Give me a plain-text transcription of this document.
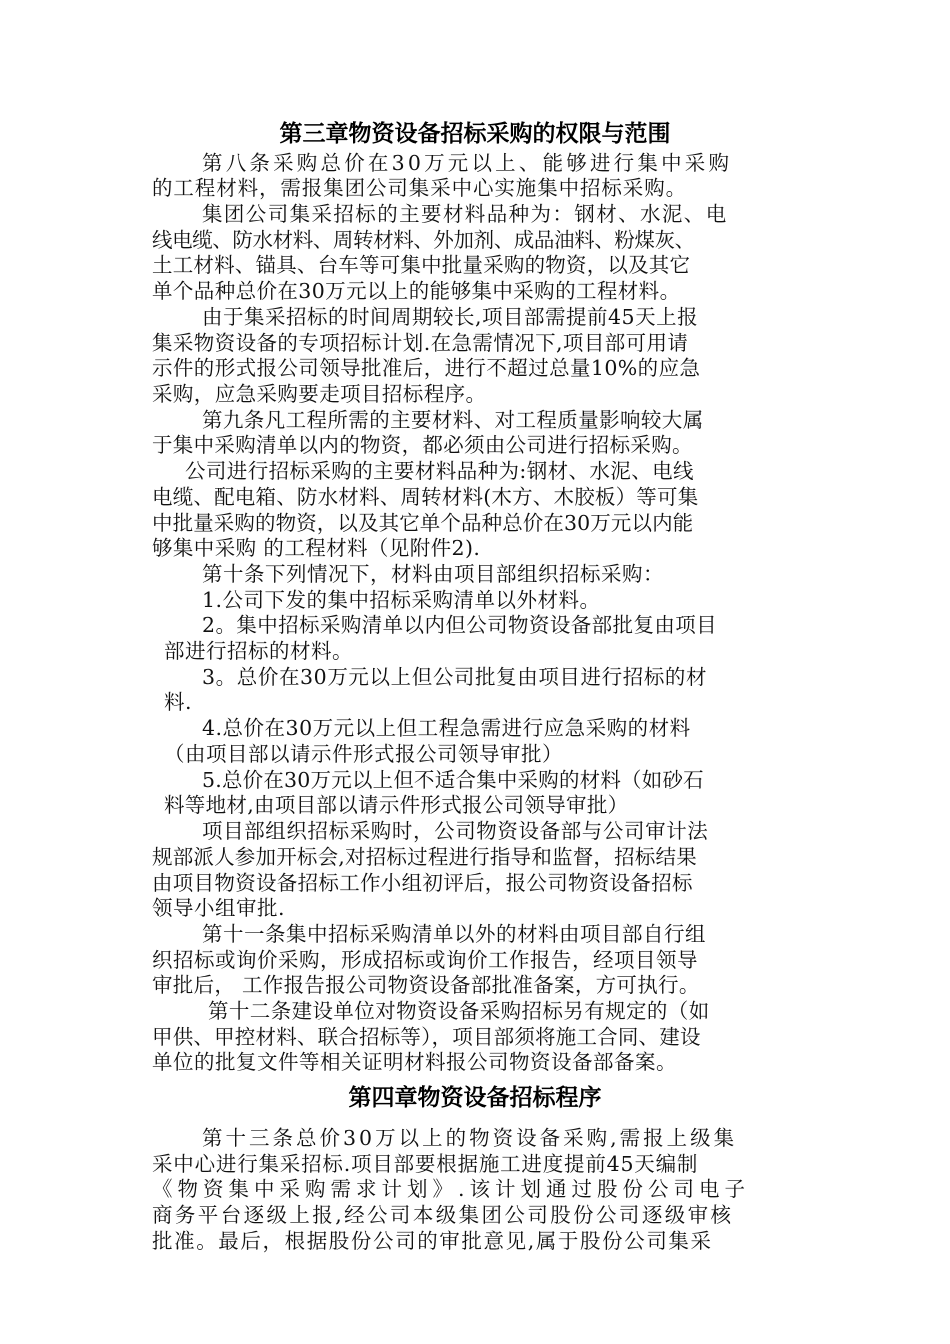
第三章物资设备招标采购的权限与范围
第八条采购总价在30万元以上、能够进行集中采购
的工程材料，需报集团公司集采中心实施集中招标采购。
集团公司集采招标的主要材料品种为：钢材、水泥、电
线电缆、防水材料、周转材料、外加剂、成品油料、粉煤灰、
土工材料、锚具、台车等可集中批量采购的物资，以及其它
单个品种总价在30万元以上的能够集中采购的工程材料。
由于集采招标的时间周期较长,项目部需提前45天上报
集采物资设备的专项招标计划.在急需情况下,项目部可用请
示件的形式报公司领导批准后，进行不超过总量10%的应急
采购，应急采购要走项目招标程序。
第九条凡工程所需的主要材料、对工程质量影响较大属
于集中采购清单以内的物资，都必须由公司进行招标采购。
公司进行招标采购的主要材料品种为:钢材、水泥、电线
电缆、配电箱、防水材料、周转材料(木方、木胶板）等可集
中批量采购的物资，以及其它单个品种总价在30万元以内能
够集中采购 的工程材料（见附件2).
第十条下列情况下，材料由项目部组织招标采购：
1.公司下发的集中招标采购清单以外材料。
2。集中招标采购清单以内但公司物资设备部批复由项目
部进行招标的材料。
3。总价在30万元以上但公司批复由项目进行招标的材
料.
4.总价在30万元以上但工程急需进行应急采购的材料
（由项目部以请示件形式报公司领导审批）
5.总价在30万元以上但不适合集中采购的材料（如砂石
料等地材,由项目部以请示件形式报公司领导审批）
项目部组织招标采购时，公司物资设备部与公司审计法
规部派人参加开标会,对招标过程进行指导和监督，招标结果
由项目物资设备招标工作小组初评后，报公司物资设备招标
领导小组审批.
第十一条集中招标采购清单以外的材料由项目部自行组
织招标或询价采购，形成招标或询价工作报告，经项目领导
审批后， 工作报告报公司物资设备部批准备案，方可执行。
第十二条建设单位对物资设备采购招标另有规定的（如
甲供、甲控材料、联合招标等），项目部须将施工合同、建设
单位的批复文件等相关证明材料报公司物资设备部备案。
第四章物资设备招标程序
第十三条总价30万以上的物资设备采购,需报上级集
采中心进行集采招标.项目部要根据施工进度提前45天编制
《物资集中采购需求计划》.该计划通过股份公司电子
商务平台逐级上报,经公司本级集团公司股份公司逐级审核
批准。最后，根据股份公司的审批意见,属于股份公司集采
